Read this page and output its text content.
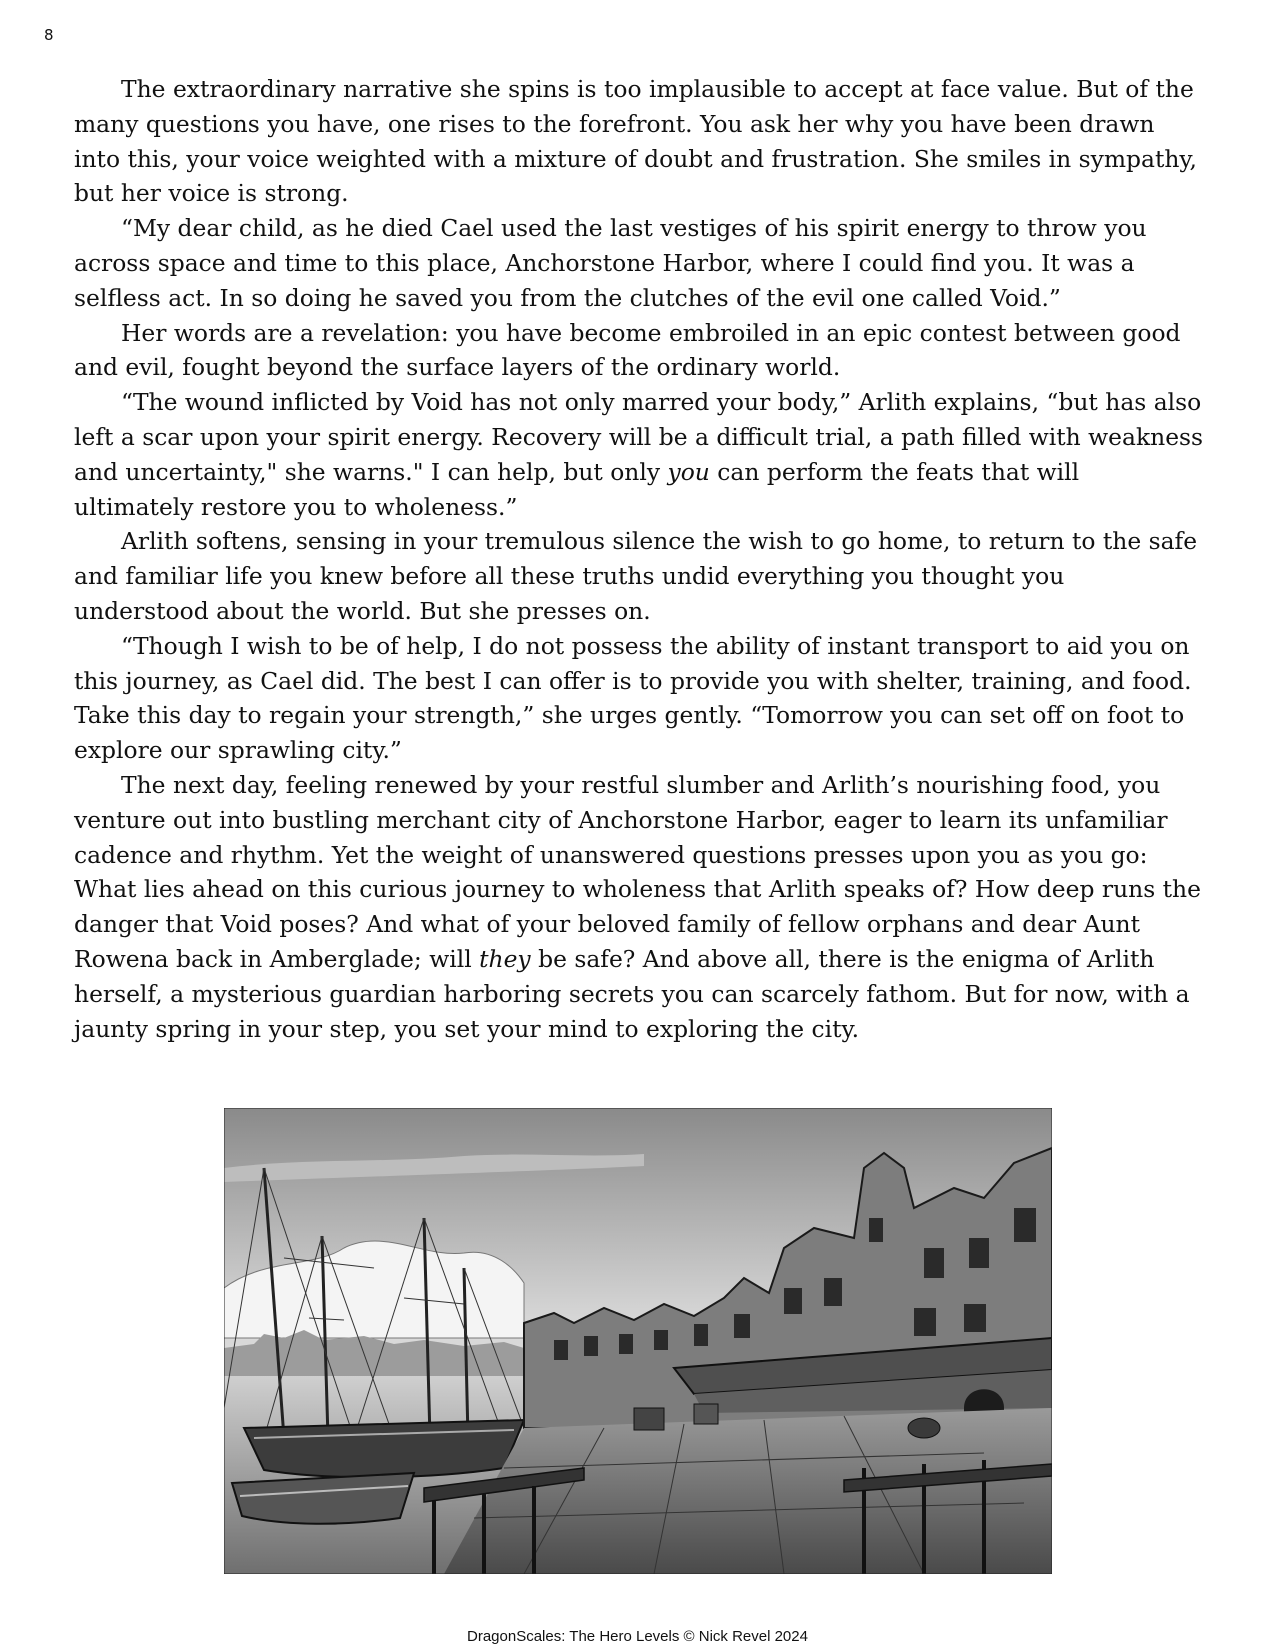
8

The extraordinary narrative she spins is too implausible to accept at face value. But of the many questions you have, one rises to the forefront. You ask her why you have been drawn into this, your voice weighted with a mixture of doubt and frustration. She smiles in sympathy, but her voice is strong.

“My dear child, as he died Cael used the last vestiges of his spirit energy to throw you across space and time to this place, Anchorstone Harbor, where I could find you. It was a selfless act. In so doing he saved you from the clutches of the evil one called Void.”

Her words are a revelation: you have become embroiled in an epic contest between good and evil, fought beyond the surface layers of the ordinary world.

“The wound inflicted by Void has not only marred your body,” Arlith explains, “but has also left a scar upon your spirit energy. Recovery will be a difficult trial, a path filled with weakness and uncertainty," she warns." I can help, but only you can perform the feats that will ultimately restore you to wholeness.”

Arlith softens, sensing in your tremulous silence the wish to go home, to return to the safe and familiar life you knew before all these truths undid everything you thought you understood about the world. But she presses on.

“Though I wish to be of help, I do not possess the ability of instant transport to aid you on this journey, as Cael did. The best I can offer is to provide you with shelter, training, and food. Take this day to regain your strength,” she urges gently. “Tomorrow you can set off on foot to explore our sprawling city.”

The next day, feeling renewed by your restful slumber and Arlith’s nourishing food, you venture out into bustling merchant city of Anchorstone Harbor, eager to learn its unfamiliar cadence and rhythm. Yet the weight of unanswered questions presses upon you as you go: What lies ahead on this curious journey to wholeness that Arlith speaks of? How deep runs the danger that Void poses? And what of your beloved family of fellow orphans and dear Aunt Rowena back in Amberglade; will they be safe? And above all, there is the enigma of Arlith herself, a mysterious guardian harboring secrets you can scarcely fathom. But for now, with a jaunty spring in your step, you set your mind to exploring the city.

DragonScales: The Hero Levels © Nick Revel 2024
